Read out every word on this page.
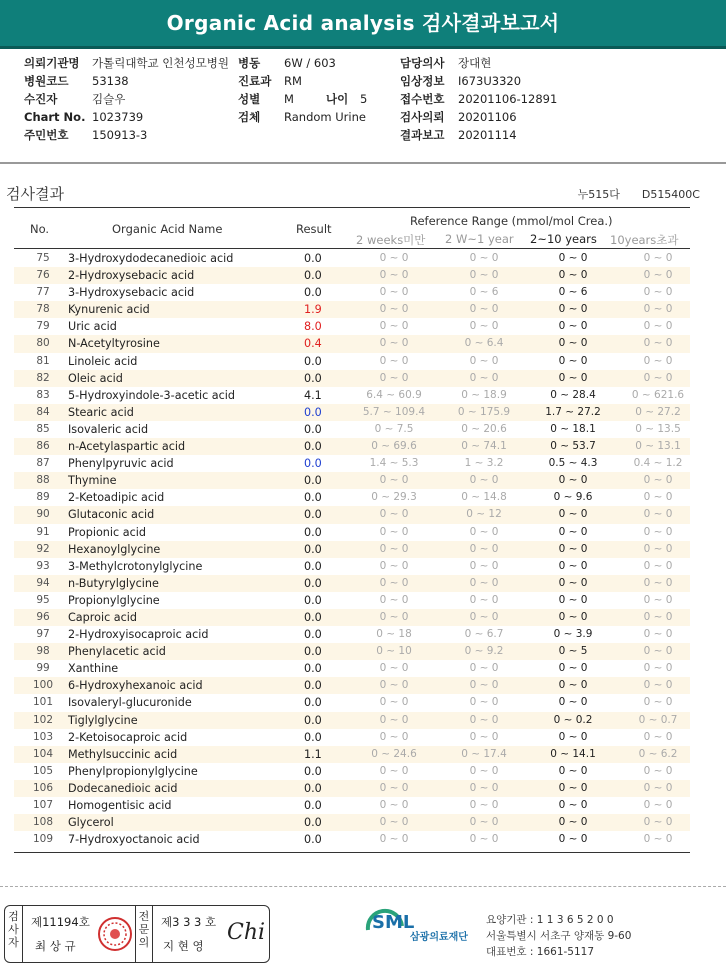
Organic Acid analysis 검사결과보고서
의뢰기관명 가톨릭대학교 인천성모병원
병원코드 53138
수진자	김슬우
Chart No. 1023739
주민번호 150913-3
병동 6W / 603
진료과 RM
성별 M	나이 5
검체 Random Urine
담당의사 장대현
임상정보 I673U3320
접수번호 20201106-12891
검사의뢰 20201106
결과보고 20201114
검사결과	누515다 D515400C
No.	Organic Acid Name	Result
Reference Range (mmol/mol Crea.)
2 weeks미만 2 W~1 year 2~10 years 10years초과
75	3-Hydroxydodecanedioic acid	0.0	0 ~ 0	0 ~ 0	0 ~ 0	0 ~ 0
76	2-Hydroxysebacic acid	0.0	0 ~ 0	0 ~ 0	0 ~ 0	0 ~ 0
77	3-Hydroxysebacic acid	0.0	0 ~ 0	0 ~ 6	0 ~ 6	0 ~ 0
78	Kynurenic acid	1.9	0 ~ 0	0 ~ 0	0 ~ 0	0 ~ 0
79	Uric acid	8.0	0 ~ 0	0 ~ 0	0 ~ 0	0 ~ 0
80	N-Acetyltyrosine	0.4	0 ~ 0	0 ~ 6.4	0 ~ 0	0 ~ 0
81	Linoleic acid	0.0	0 ~ 0	0 ~ 0	0 ~ 0	0 ~ 0
82	Oleic acid	0.0	0 ~ 0	0 ~ 0	0 ~ 0	0 ~ 0
83	5-Hydroxyindole-3-acetic acid	4.1	6.4 ~ 60.9	0 ~ 18.9	0 ~ 28.4	0 ~ 621.6
84	Stearic acid	0.0	5.7 ~ 109.4	0 ~ 175.9	1.7 ~ 27.2	0 ~ 27.2
85	Isovaleric acid	0.0	0 ~ 7.5	0 ~ 20.6	0 ~ 18.1	0 ~ 13.5
86	n-Acetylaspartic acid	0.0	0 ~ 69.6	0 ~ 74.1	0 ~ 53.7	0 ~ 13.1
87	Phenylpyruvic acid	0.0	1.4 ~ 5.3	1 ~ 3.2	0.5 ~ 4.3	0.4 ~ 1.2
88	Thymine	0.0	0 ~ 0	0 ~ 0	0 ~ 0	0 ~ 0
89	2-Ketoadipic acid	0.0	0 ~ 29.3	0 ~ 14.8	0 ~ 9.6	0 ~ 0
90	Glutaconic acid	0.0	0 ~ 0	0 ~ 12	0 ~ 0	0 ~ 0
91	Propionic acid	0.0	0 ~ 0	0 ~ 0	0 ~ 0	0 ~ 0
92	Hexanoylglycine	0.0	0 ~ 0	0 ~ 0	0 ~ 0	0 ~ 0
93	3-Methylcrotonylglycine	0.0	0 ~ 0	0 ~ 0	0 ~ 0	0 ~ 0
94	n-Butyrylglycine	0.0	0 ~ 0	0 ~ 0	0 ~ 0	0 ~ 0
95	Propionylglycine	0.0	0 ~ 0	0 ~ 0	0 ~ 0	0 ~ 0
96	Caproic acid	0.0	0 ~ 0	0 ~ 0	0 ~ 0	0 ~ 0
97	2-Hydroxyisocaproic acid	0.0	0 ~ 18	0 ~ 6.7	0 ~ 3.9	0 ~ 0
98	Phenylacetic acid	0.0	0 ~ 10	0 ~ 9.2	0 ~ 5	0 ~ 0
99	Xanthine	0.0	0 ~ 0	0 ~ 0	0 ~ 0	0 ~ 0
100	6-Hydroxyhexanoic acid	0.0	0 ~ 0	0 ~ 0	0 ~ 0	0 ~ 0
101	Isovaleryl-glucuronide	0.0	0 ~ 0	0 ~ 0	0 ~ 0	0 ~ 0
102	Tiglylglycine	0.0	0 ~ 0	0 ~ 0	0 ~ 0.2	0 ~ 0.7
103	2-Ketoisocaproic acid	0.0	0 ~ 0	0 ~ 0	0 ~ 0	0 ~ 0
104	Methylsuccinic acid	1.1	0 ~ 24.6	0 ~ 17.4	0 ~ 14.1	0 ~ 6.2
105	Phenylpropionylglycine	0.0	0 ~ 0	0 ~ 0	0 ~ 0	0 ~ 0
106	Dodecanedioic acid	0.0	0 ~ 0	0 ~ 0	0 ~ 0	0 ~ 0
107	Homogentisic acid	0.0	0 ~ 0	0 ~ 0	0 ~ 0	0 ~ 0
108	Glycerol	0.0	0 ~ 0	0 ~ 0	0 ~ 0	0 ~ 0
109	7-Hydroxyoctanoic acid	0.0	0 ~ 0	0 ~ 0	0 ~ 0	0 ~ 0
검사자
제11194호
최 상 규
전문의
제3 3 3 호
지 현 영
Chi	SML
삼광의료재단
요양기관 : 1 1 3 6 5 2 0 0
서울특별시 서초구 양재동 9-60
대표번호 : 1661-5117
